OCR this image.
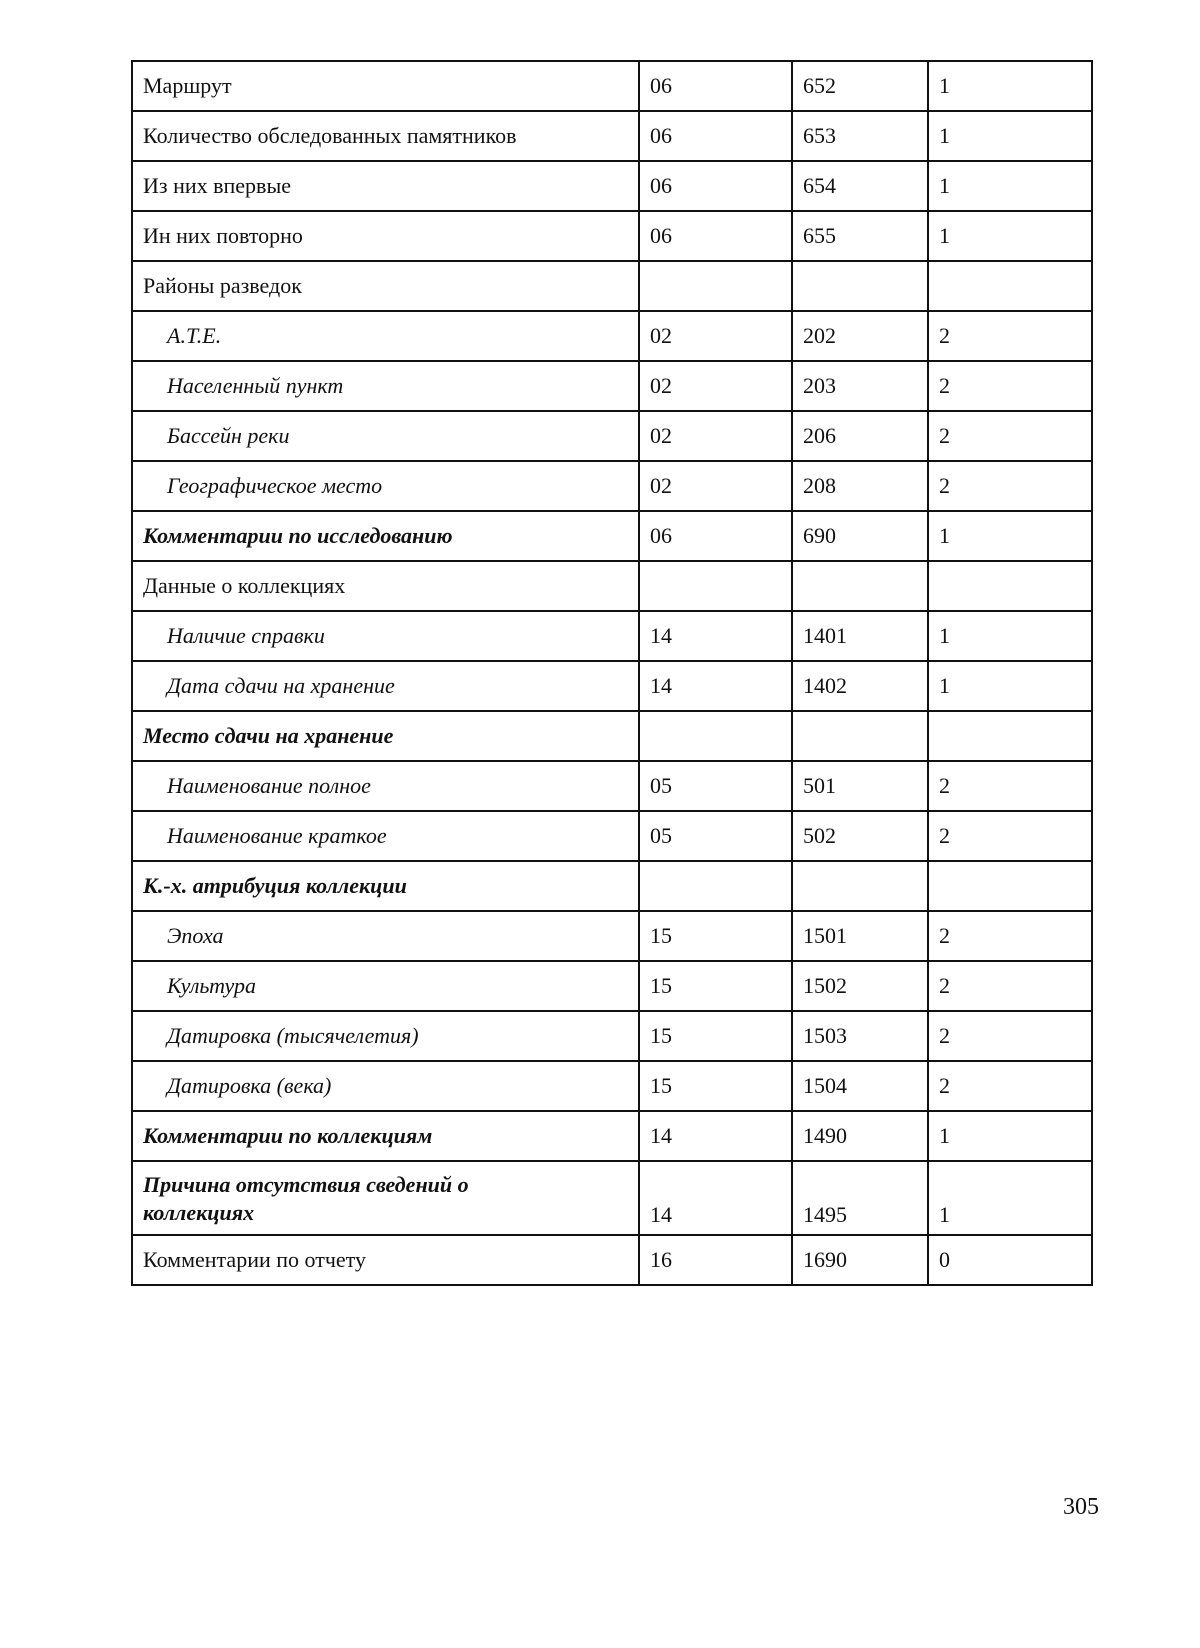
Маршрут	06	652	1
Количество обследованных памятников	06	653	1
Из них впервые	06	654	1
Ин них повторно	06	655	1
Районы разведок			
А.Т.Е.	02	202	2
Населенный пункт	02	203	2
Бассейн реки	02	206	2
Географическое место	02	208	2
Комментарии по исследованию	06	690	1
Данные о коллекциях			
Наличие справки	14	1401	1
Дата сдачи на хранение	14	1402	1
Место сдачи на хранение			
Наименование полное	05	501	2
Наименование краткое	05	502	2
К.-х. атрибуция коллекции			
Эпоха	15	1501	2
Культура	15	1502	2
Датировка (тысячелетия)	15	1503	2
Датировка (века)	15	1504	2
Комментарии по коллекциям	14	1490	1
Причина отсутствия сведений о коллекциях	14	1495	1
Комментарии по отчету	16	1690	0
305
